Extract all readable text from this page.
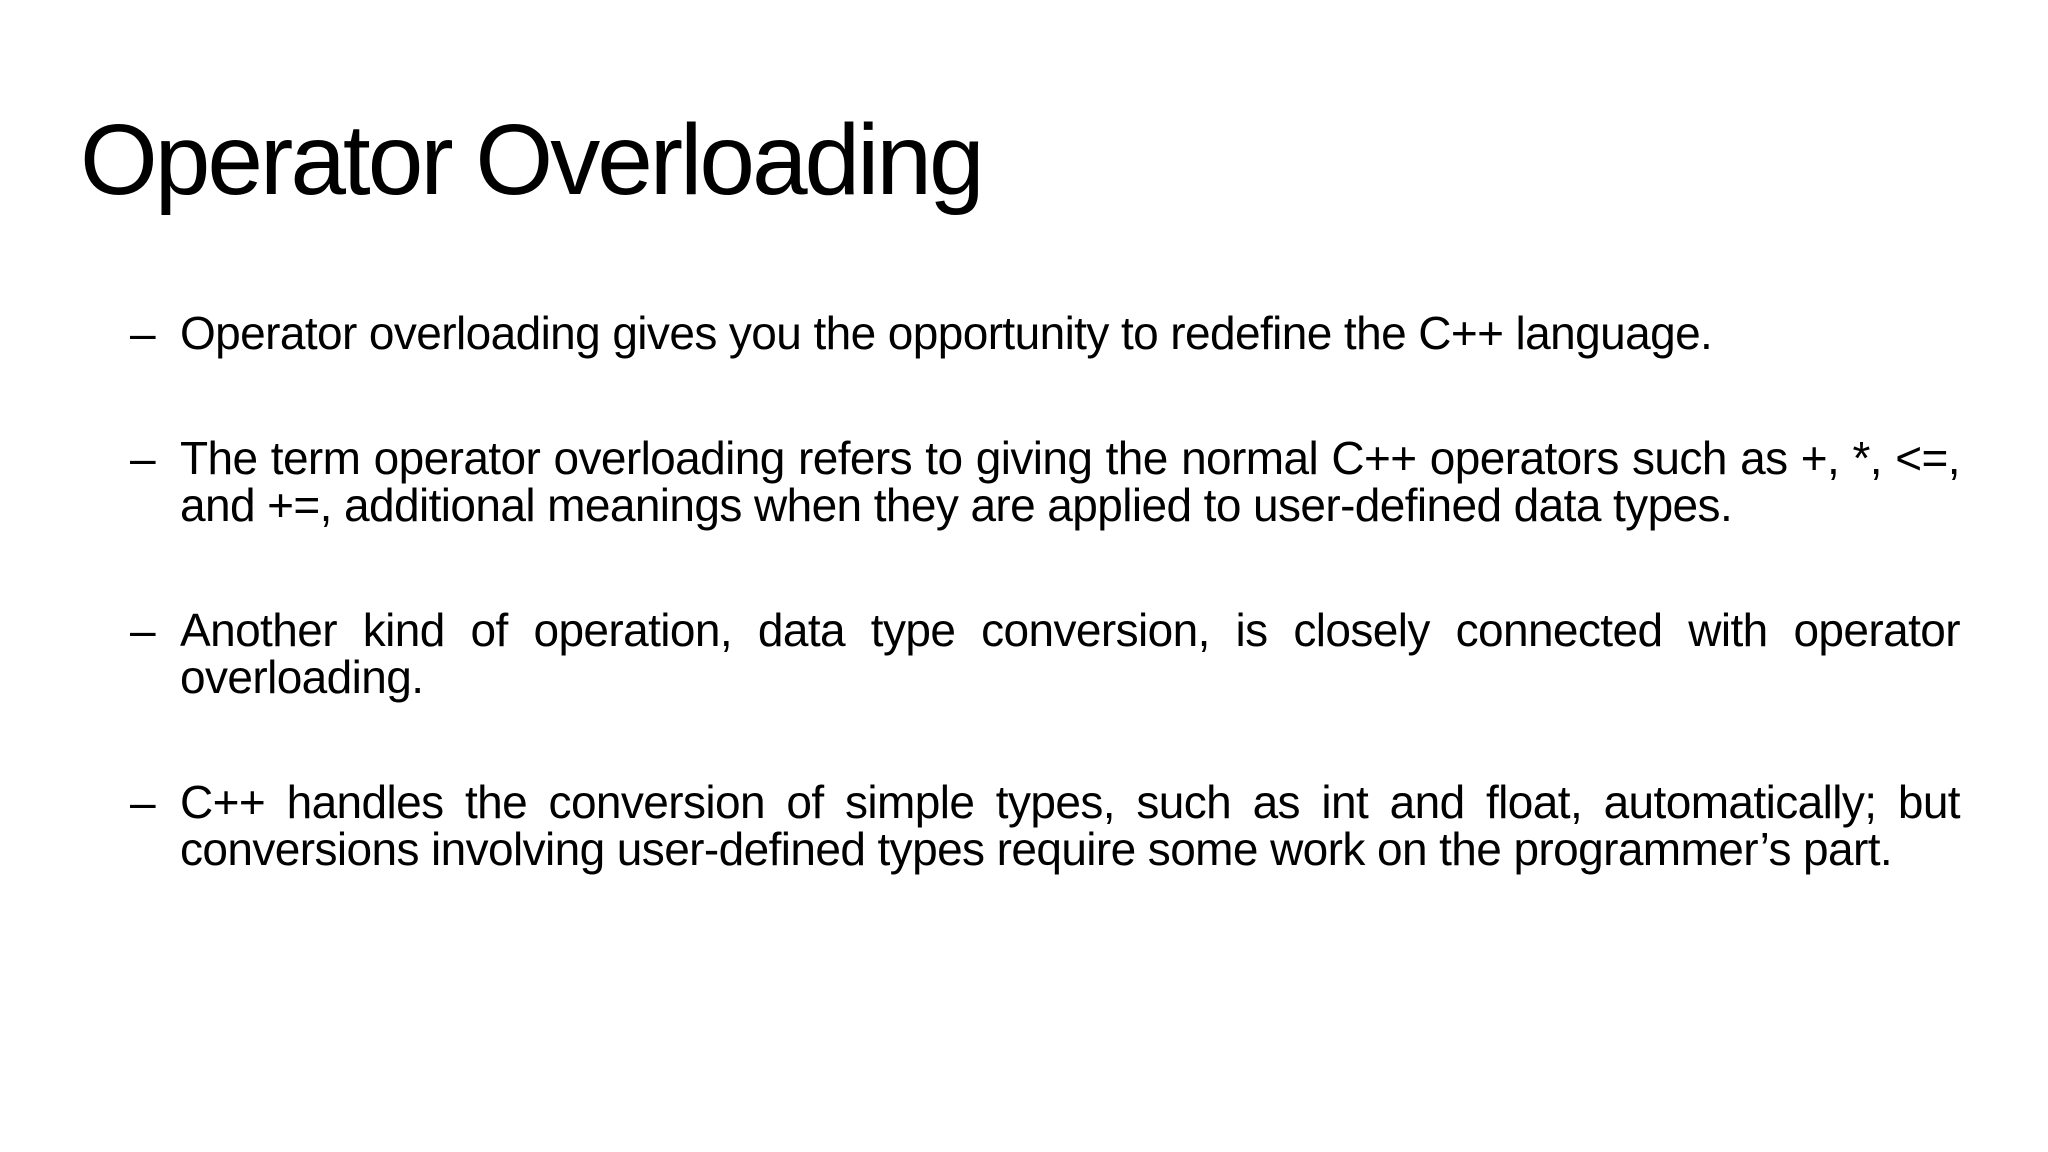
Operator Overloading
– Operator overloading gives you the opportunity to redefine the C++ language.
– The term operator overloading refers to giving the normal C++ operators such as +, *, <=, and +=, additional meanings when they are applied to user-defined data types.
– Another kind of operation, data type conversion, is closely connected with operator overloading.
– C++ handles the conversion of simple types, such as int and float, automatically; but conversions involving user-defined types require some work on the programmer’s part.
